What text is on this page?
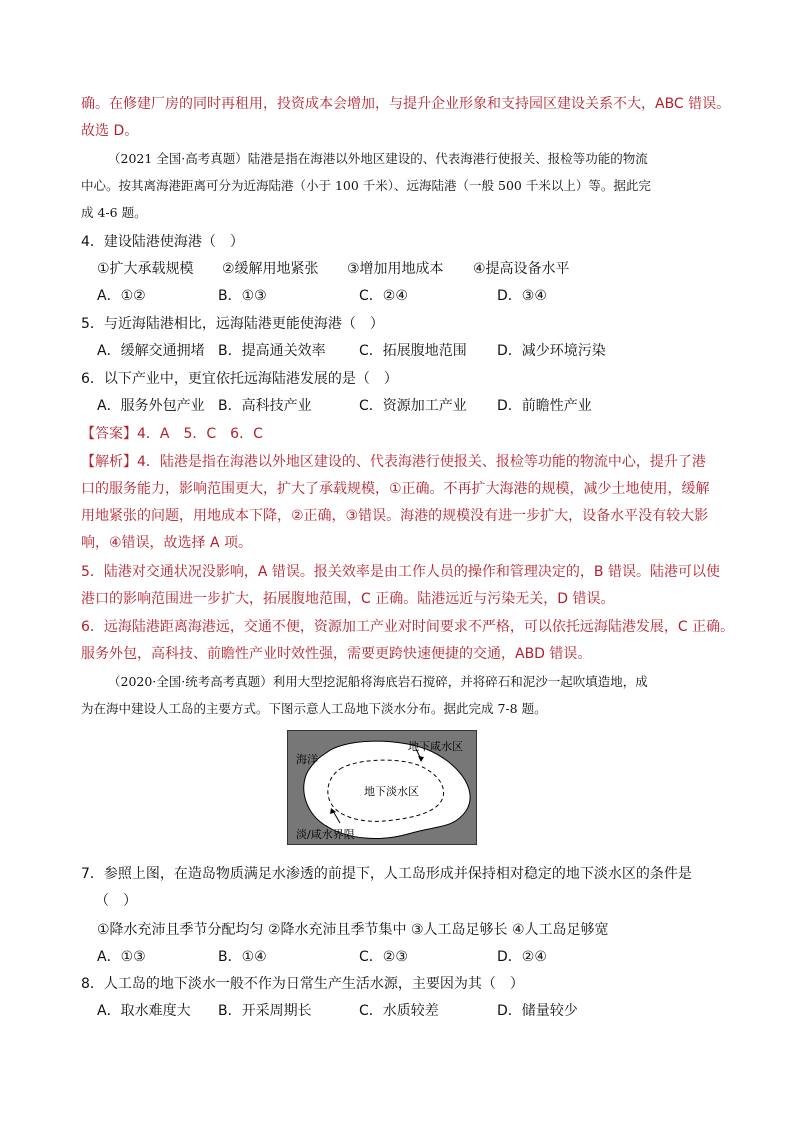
确。在修建厂房的同时再租用，投资成本会增加，与提升企业形象和支持园区建设关系不大，ABC 错误。
故选 D。
（2021 全国·高考真题）陆港是指在海港以外地区建设的、代表海港行使报关、报检等功能的物流
中心。按其离海港距离可分为近海陆港（小于 100 千米）、远海陆港（一般 500 千米以上）等。据此完
成 4-6 题。
4．建设陆港使海港（　）
①扩大承载规模 ②缓解用地紧张 ③增加用地成本 ④提高设备水平
A．①②	B．①③	C．②④	D．③④
5．与近海陆港相比，远海陆港更能使海港（　）
A．缓解交通拥堵 B．提高通关效率 C．拓展腹地范围 D．减少环境污染
6．以下产业中，更宜依托远海陆港发展的是（　）
A．服务外包产业 B．高科技产业	C．资源加工产业 D．前瞻性产业
【答案】4．A　5．C　6．C
【解析】4．陆港是指在海港以外地区建设的、代表海港行使报关、报检等功能的物流中心，提升了港
口的服务能力，影响范围更大，扩大了承载规模，①正确。不再扩大海港的规模，减少土地使用，缓解
用地紧张的问题，用地成本下降，②正确，③错误。海港的规模没有进一步扩大，设备水平没有较大影
响，④错误，故选择 A 项。
5．陆港对交通状况没影响，A 错误。报关效率是由工作人员的操作和管理决定的，B 错误。陆港可以使
港口的影响范围进一步扩大，拓展腹地范围，C 正确。陆港远近与污染无关，D 错误。
6．远海陆港距离海港远，交通不便，资源加工产业对时间要求不严格，可以依托远海陆港发展，C 正确。
服务外包，高科技、前瞻性产业时效性强，需要更跨快速便捷的交通，ABD 错误。
（2020·全国·统考高考真题）利用大型挖泥船将海底岩石搅碎，并将碎石和泥沙一起吹填造地，成
为在海中建设人工岛的主要方式。下图示意人工岛地下淡水分布。据此完成 7-8 题。
海洋
地下咸水区
地下淡水区
淡/咸水界限
7．参照上图，在造岛物质满足水渗透的前提下，人工岛形成并保持相对稳定的地下淡水区的条件是
（　）
①降水充沛且季节分配均匀 ②降水充沛且季节集中 ③人工岛足够长 ④人工岛足够宽
A．①③	B．①④	C．②③	D．②④
8．人工岛的地下淡水一般不作为日常生产生活水源，主要因为其（　）
A．取水难度大 B．开采周期长	C．水质较差	D．储量较少
